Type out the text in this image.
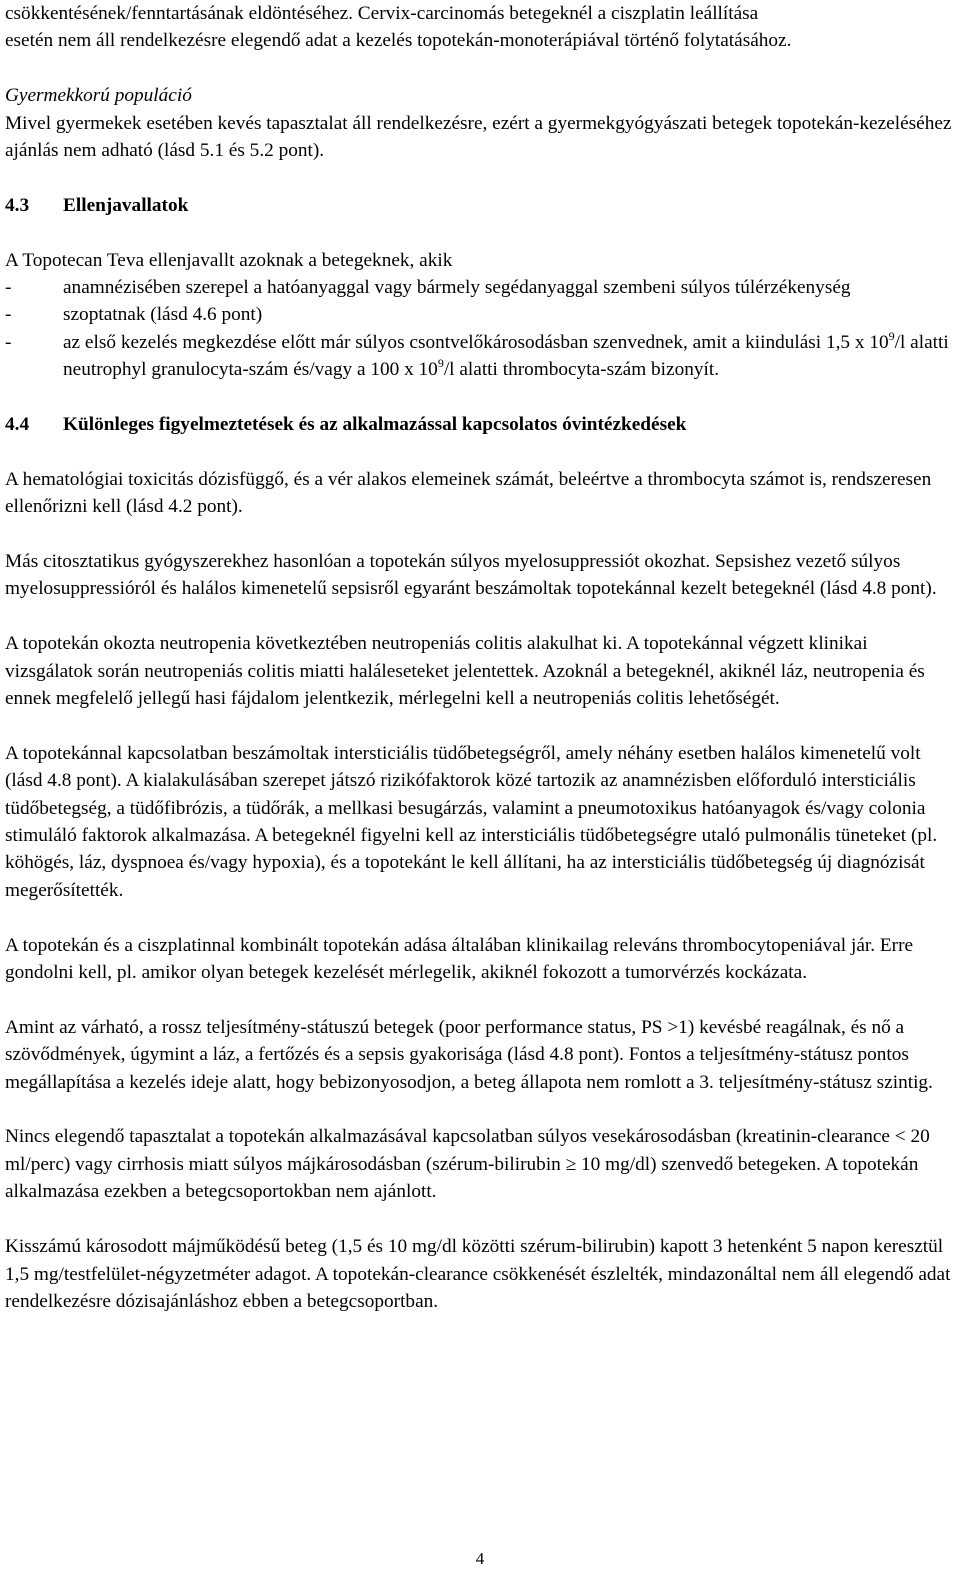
csökkentésének/fenntartásának eldöntéséhez. Cervix-carcinomás betegeknél a ciszplatin leállítása

esetén nem áll rendelkezésre elegendő adat a kezelés topotekán-monoterápiával történő folytatásához.

Gyermekkorú populáció

Mivel gyermekek esetében kevés tapasztalat áll rendelkezésre, ezért a gyermekgyógyászati betegek topotekán-kezeléséhez ajánlás nem adható (lásd 5.1 és 5.2 pont).

4.3	Ellenjavallatok

A Topotecan Teva ellenjavallt azoknak a betegeknek, akik

-	anamnézisében szerepel a hatóanyaggal vagy bármely segédanyaggal szembeni súlyos túlérzékenység
-	szoptatnak (lásd 4.6 pont)
-	az első kezelés megkezdése előtt már súlyos csontvelőkárosodásban szenvednek, amit a kiindulási 1,5 x $10^9/l$ alatti neutrophyl granulocyta-szám és/vagy a 100 x $10^9/l$ alatti thrombocyta-szám bizonyít.
4.4	Különleges figyelmeztetések és az alkalmazással kapcsolatos óvintézkedések

A hematológiai toxicitás dózisfüggő, és a vér alakos elemeinek számát, beleértve a thrombocyta számot is, rendszeresen ellenőrizni kell (lásd 4.2 pont).

Más citosztatikus gyógyszerekhez hasonlóan a topotekán súlyos myelosuppressiót okozhat. Sepsishez vezető súlyos myelosuppressióról és halálos kimenetelű sepsisről egyaránt beszámoltak topotekánnal kezelt betegeknél (lásd 4.8 pont).

A topotekán okozta neutropenia következtében neutropeniás colitis alakulhat ki. A topotekánnal végzett klinikai vizsgálatok során neutropeniás colitis miatti haláleseteket jelentettek. Azoknál a betegeknél, akiknél láz, neutropenia és ennek megfelelő jellegű hasi fájdalom jelentkezik, mérlegelni kell a neutropeniás colitis lehetőségét.

A topotekánnal kapcsolatban beszámoltak intersticiális tüdőbetegségről, amely néhány esetben halálos kimenetelű volt (lásd 4.8 pont). A kialakulásában szerepet játszó rizikófaktorok közé tartozik az anamnézisben előforduló intersticiális tüdőbetegség, a tüdőfibrózis, a tüdőrák, a mellkasi besugárzás, valamint a pneumotoxikus hatóanyagok és/vagy colonia stimuláló faktorok alkalmazása. A betegeknél figyelni kell az intersticiális tüdőbetegségre utaló pulmonális tüneteket (pl. köhögés, láz, dyspnoea és/vagy hypoxia), és a topotekánt le kell állítani, ha az intersticiális tüdőbetegség új diagnózisát megerősítették.

A topotekán és a ciszplatinnal kombinált topotekán adása általában klinikailag releváns thrombocytopeniával jár. Erre gondolni kell, pl. amikor olyan betegek kezelését mérlegelik, akiknél fokozott a tumorvérzés kockázata.

Amint az várható, a rossz teljesítmény-státuszú betegek (poor performance status, PS >1) kevésbé reagálnak, és nő a szövődmények, úgymint a láz, a fertőzés és a sepsis gyakorisága (lásd 4.8 pont). Fontos a teljesítmény-státusz pontos megállapítása a kezelés ideje alatt, hogy bebizonyosodjon, a beteg állapota nem romlott a 3. teljesítmény-státusz szintig.

Nincs elegendő tapasztalat a topotekán alkalmazásával kapcsolatban súlyos vesekárosodásban (kreatinin-clearance < 20 ml/perc) vagy cirrhosis miatt súlyos májkárosodásban (szérum-bilirubin ≥ 10 mg/dl) szenvedő betegeken. A topotekán alkalmazása ezekben a betegcsoportokban nem ajánlott.

Kisszámú károsodott májműködésű beteg (1,5 és 10 mg/dl közötti szérum-bilirubin) kapott 3 hetenként 5 napon keresztül 1,5 mg/testfelület-négyzetméter adagot. A topotekán-clearance csökkenését észlelték, mindazonáltal nem áll elegendő adat rendelkezésre dózisajánláshoz ebben a betegcsoportban.

4
